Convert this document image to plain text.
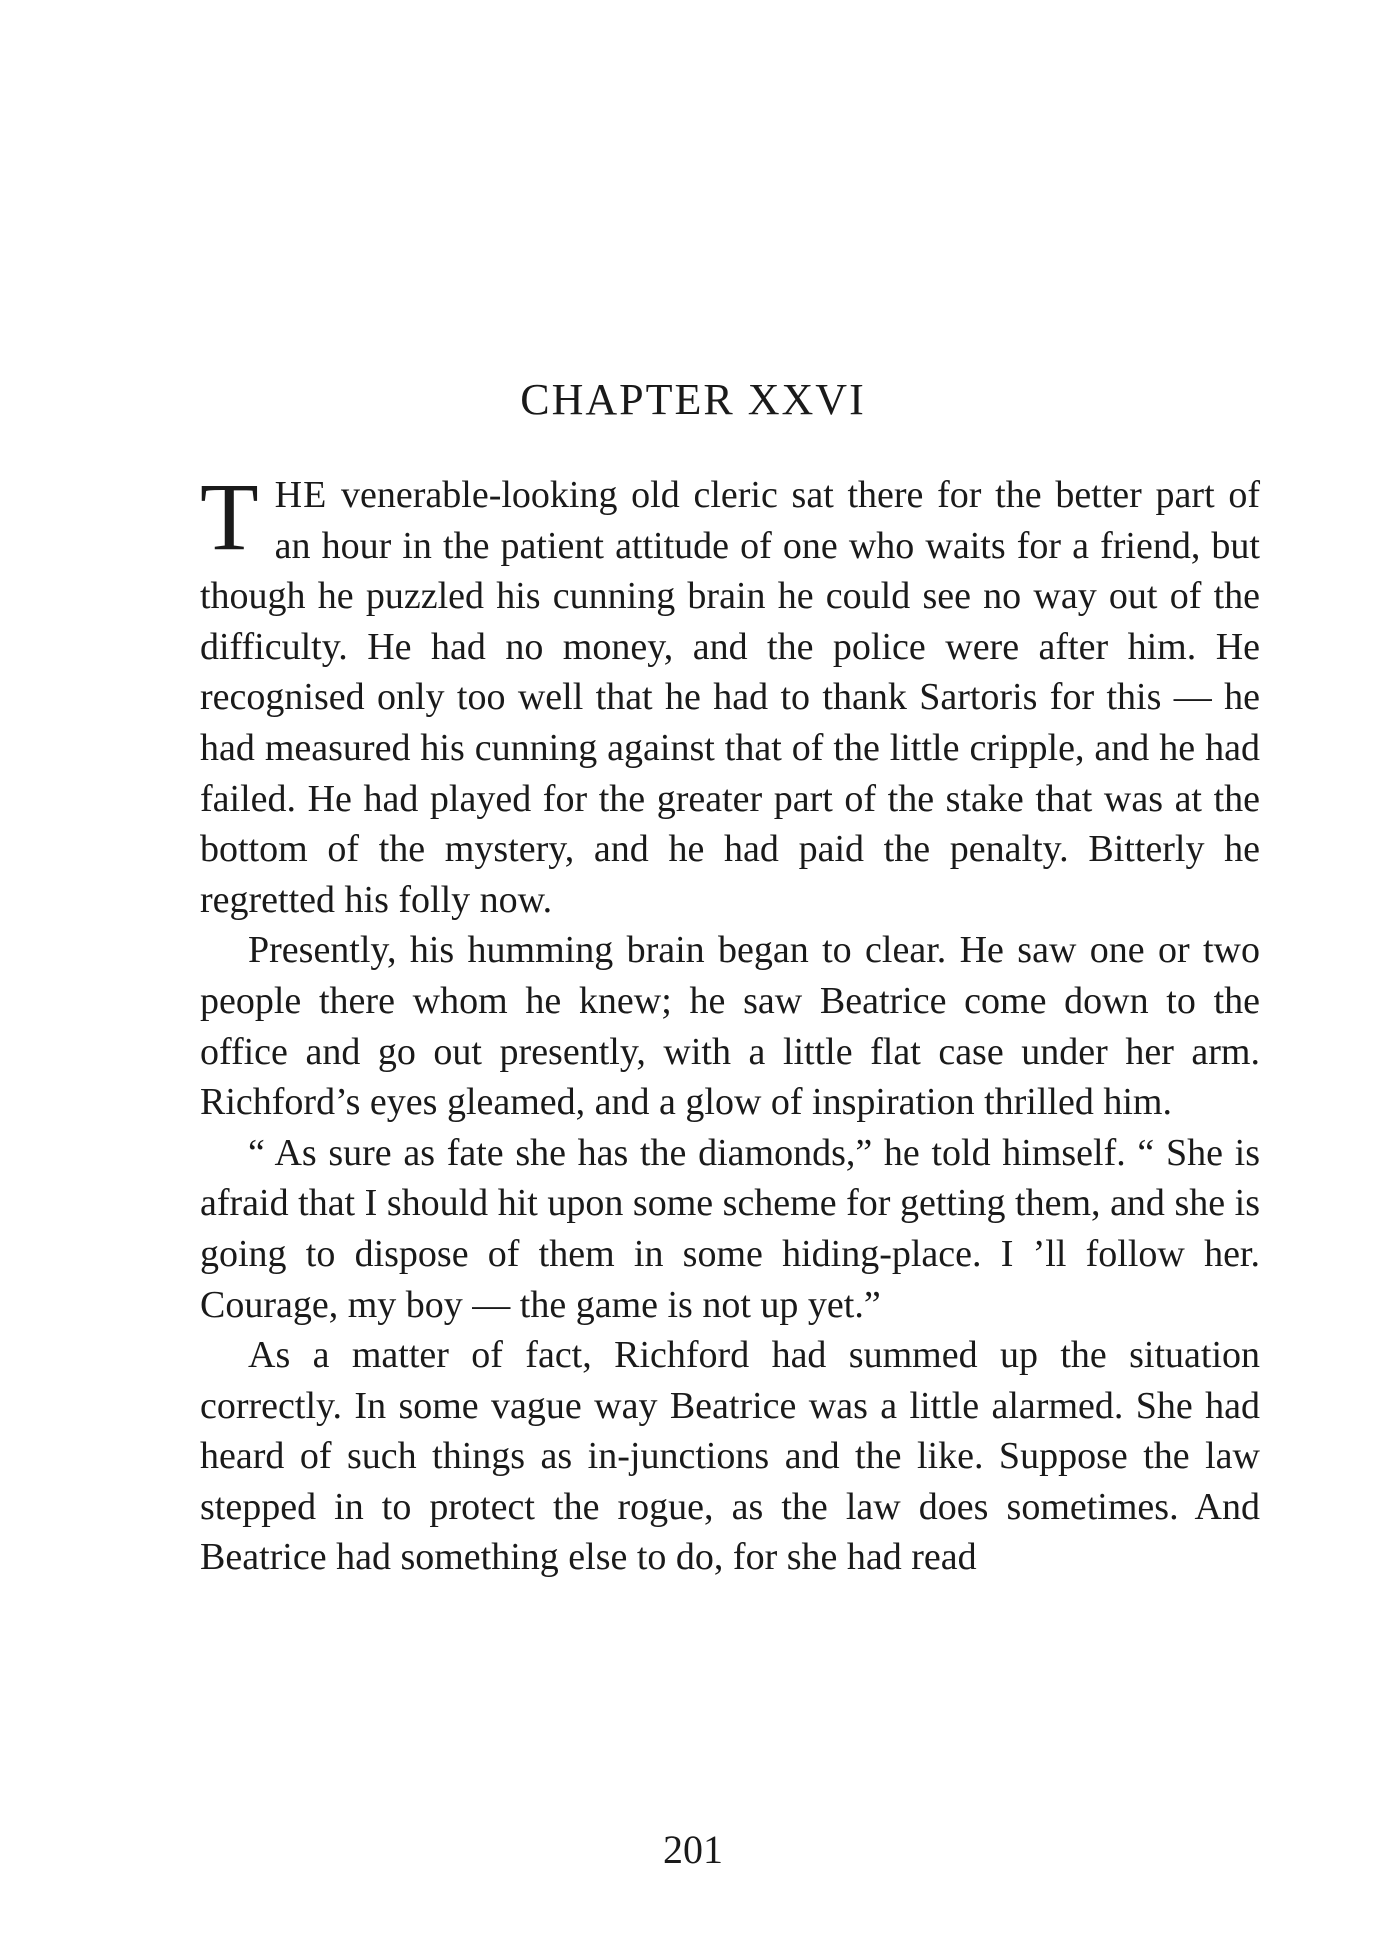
CHAPTER XXVI

THE venerable-looking old cleric sat there for the better part of an hour in the patient attitude of one who waits for a friend, but though he puzzled his cunning brain he could see no way out of the difficulty. He had no money, and the police were after him. He recognised only too well that he had to thank Sartoris for this — he had measured his cunning against that of the little cripple, and he had failed. He had played for the greater part of the stake that was at the bottom of the mystery, and he had paid the penalty. Bitterly he regretted his folly now.

Presently, his humming brain began to clear. He saw one or two people there whom he knew; he saw Beatrice come down to the office and go out presently, with a little flat case under her arm. Richford’s eyes gleamed, and a glow of inspiration thrilled him.

“ As sure as fate she has the diamonds,” he told himself. “ She is afraid that I should hit upon some scheme for getting them, and she is going to dispose of them in some hiding-place. I ’ll follow her. Courage, my boy — the game is not up yet.”

As a matter of fact, Richford had summed up the situation correctly. In some vague way Beatrice was a little alarmed. She had heard of such things as in-junctions and the like. Suppose the law stepped in to protect the rogue, as the law does sometimes. And Beatrice had something else to do, for she had read

201
